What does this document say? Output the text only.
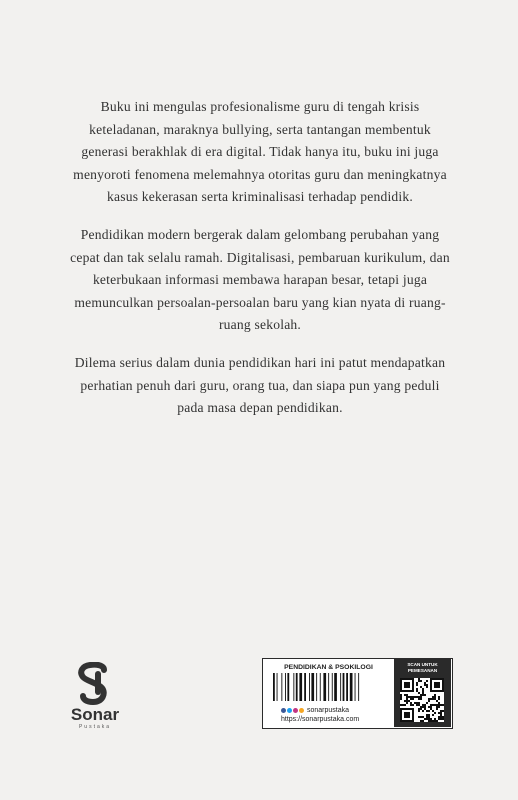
Buku ini mengulas profesionalisme guru di tengah krisis keteladanan, maraknya bullying, serta tantangan membentuk generasi berakhlak di era digital. Tidak hanya itu, buku ini juga menyoroti fenomena melemahnya otoritas guru dan meningkatnya kasus kekerasan serta kriminalisasi terhadap pendidik.

Pendidikan modern bergerak dalam gelombang perubahan yang cepat dan tak selalu ramah. Digitalisasi, pembaruan kurikulum, dan keterbukaan informasi membawa harapan besar, tetapi juga memunculkan persoalan-persoalan baru yang kian nyata di ruang-ruang sekolah.

Dilema serius dalam dunia pendidikan hari ini patut mendapatkan perhatian penuh dari guru, orang tua, dan siapa pun yang peduli pada masa depan pendidikan.

Sonar
Pustaka
PENDIDIKAN & PSOKILOGI
sonarpustaka
https://sonarpustaka.com
SCAN UNTUK
PEMESANAN
